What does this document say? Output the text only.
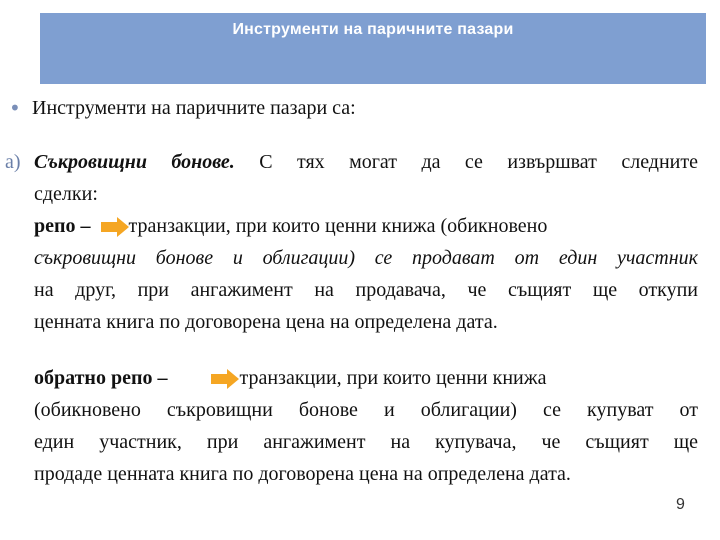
Инструменти на паричните пазари
• Инструменти на паричните пазари са:
а) Съкровищни бонове. С тях могат да се извършват следните
сделки:
репо – транзакции, при които ценни книжа (обикновено
съкровищни бонове и облигации) се продават от един участник
на друг, при ангажимент на продавача, че същият ще откупи
ценната книга по договорена цена на определена дата.
обратно репо –	транзакции, при които ценни книжа
(обикновено съкровищни бонове и облигации) се купуват от
един участник, при ангажимент на купувача, че същият ще
продаде ценната книга по договорена цена на определена дата.
9
